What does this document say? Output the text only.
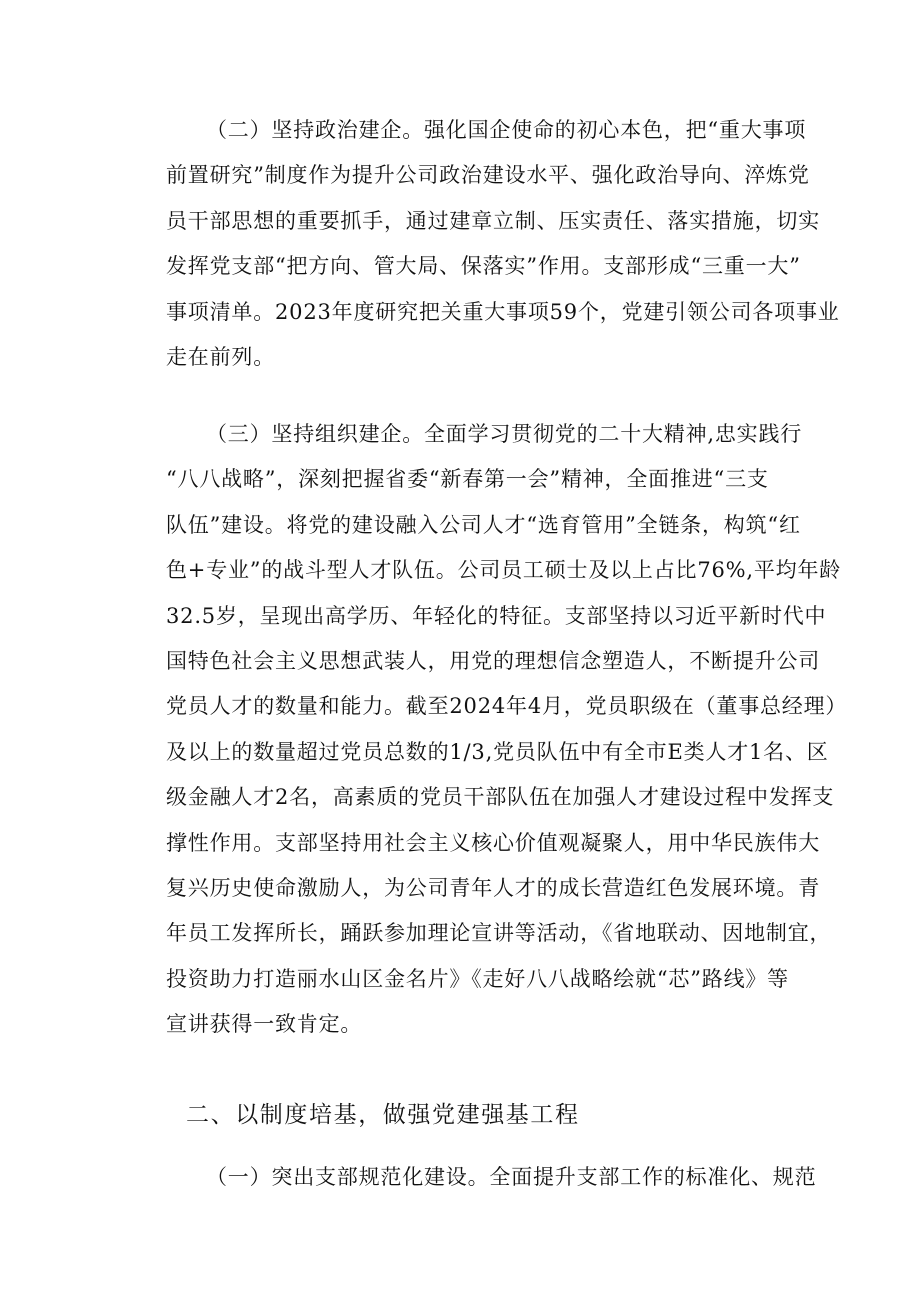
（二）坚持政治建企。强化国企使命的初心本色，把“重大事项
前置研究”制度作为提升公司政治建设水平、强化政治导向、淬炼党
员干部思想的重要抓手，通过建章立制、压实责任、落实措施，切实
发挥党支部“把方向、管大局、保落实”作用。支部形成“三重一大”
事项清单。2023年度研究把关重大事项59个，党建引领公司各项事业
走在前列。
（三）坚持组织建企。全面学习贯彻党的二十大精神,忠实践行
“八八战略”，深刻把握省委“新春第一会”精神，全面推进“三支
队伍”建设。将党的建设融入公司人才“选育管用”全链条，构筑“红
色+专业”的战斗型人才队伍。公司员工硕士及以上占比76%,平均年龄
32.5岁，呈现出高学历、年轻化的特征。支部坚持以习近平新时代中
国特色社会主义思想武装人，用党的理想信念塑造人，不断提升公司
党员人才的数量和能力。截至2024年4月，党员职级在（董事总经理）
及以上的数量超过党员总数的1/3,党员队伍中有全市E类人才1名、区
级金融人才2名，高素质的党员干部队伍在加强人才建设过程中发挥支
撑性作用。支部坚持用社会主义核心价值观凝聚人，用中华民族伟大
复兴历史使命激励人，为公司青年人才的成长营造红色发展环境。青
年员工发挥所长，踊跃参加理论宣讲等活动，《省地联动、因地制宜，
投资助力打造丽水山区金名片》《走好八八战略绘就“芯”路线》等
宣讲获得一致肯定。
二、以制度培基，做强党建强基工程
（一）突出支部规范化建设。全面提升支部工作的标准化、规范
